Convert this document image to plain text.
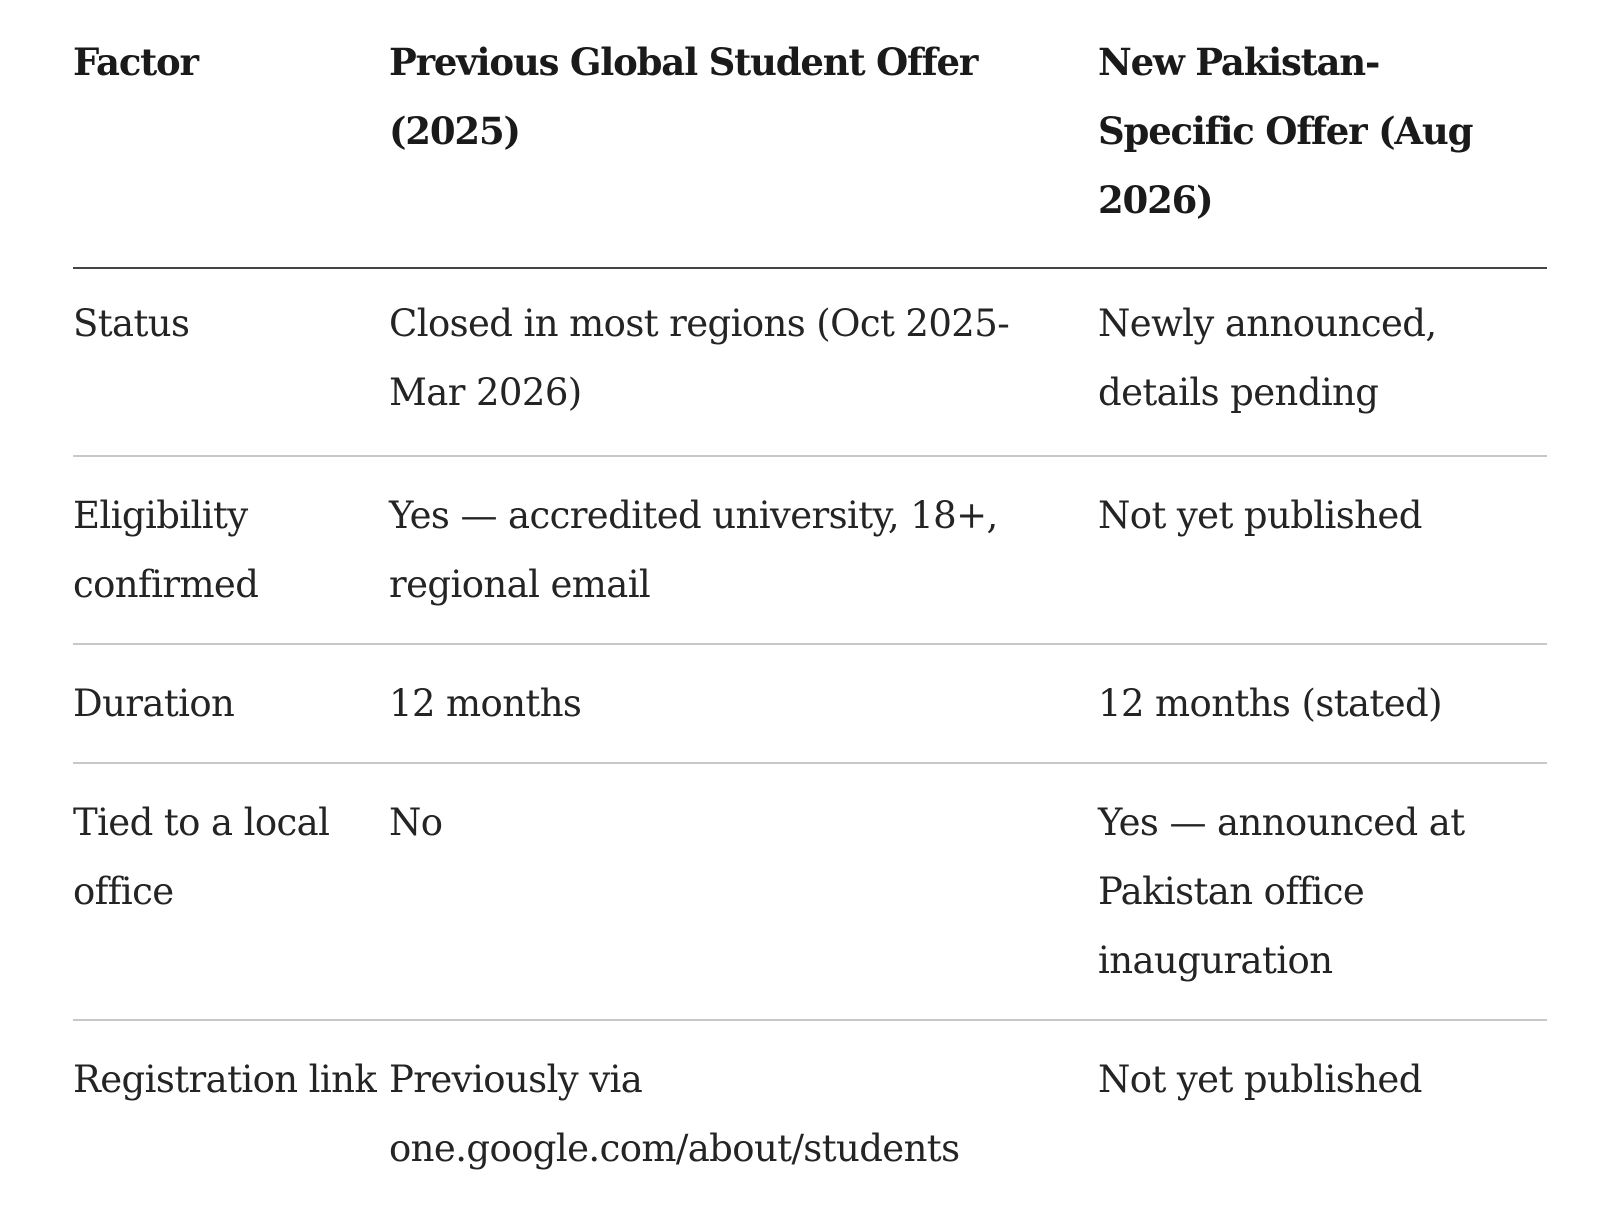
Factor	Previous Global Student Offer (2025)	New Pakistan-Specific Offer (Aug 2026)
Status	Closed in most regions (Oct 2025-Mar 2026)	Newly announced, details pending
Eligibility confirmed	Yes — accredited university, 18+, regional email	Not yet published
Duration	12 months	12 months (stated)
Tied to a local office	No	Yes — announced at Pakistan office inauguration
Registration link	Previously via one.google.com/about/students	Not yet published
